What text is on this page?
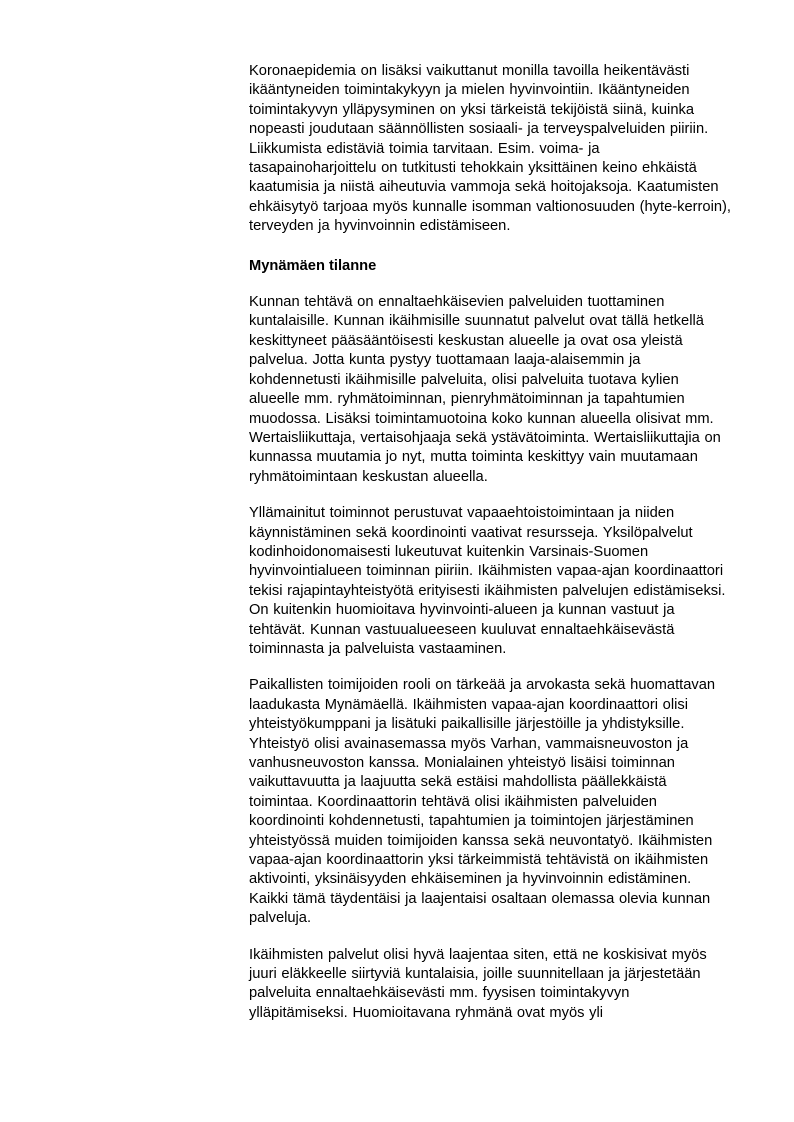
Koronaepidemia on lisäksi vaikuttanut monilla tavoilla heikentävästi ikääntyneiden toimintakykyyn ja mielen hyvinvointiin. Ikääntyneiden toimintakyvyn ylläpysyminen on yksi tärkeistä tekijöistä siinä, kuinka nopeasti joudutaan säännöllisten sosiaali- ja terveyspalveluiden piiriin. Liikkumista edistäviä toimia tarvitaan. Esim. voima- ja tasapainoharjoittelu on tutkitusti tehokkain yksittäinen keino ehkäistä kaatumisia ja niistä aiheutuvia vammoja sekä hoitojaksoja. Kaatumisten ehkäisytyö tarjoaa myös kunnalle isomman valtionosuuden (hyte-kerroin), terveyden ja hyvinvoinnin edistämiseen.

Mynämäen tilanne

Kunnan tehtävä on ennaltaehkäisevien palveluiden tuottaminen kuntalaisille. Kunnan ikäihmisille suunnatut palvelut ovat tällä hetkellä keskittyneet pääsääntöisesti keskustan alueelle ja ovat osa yleistä palvelua. Jotta kunta pystyy tuottamaan laaja-alaisemmin ja kohdennetusti ikäihmisille palveluita, olisi palveluita tuotava kylien alueelle mm. ryhmätoiminnan, pienryhmätoiminnan ja tapahtumien muodossa. Lisäksi toimintamuotoina koko kunnan alueella olisivat mm. Wertaisliikuttaja, vertaisohjaaja sekä ystävätoiminta. Wertaisliikuttajia on kunnassa muutamia jo nyt, mutta toiminta keskittyy vain muutamaan ryhmätoimintaan keskustan alueella.

Yllämainitut toiminnot perustuvat vapaaehtoistoimintaan ja niiden käynnistäminen sekä koordinointi vaativat resursseja. Yksilöpalvelut kodinhoidonomaisesti lukeutuvat kuitenkin Varsinais-Suomen hyvinvointialueen toiminnan piiriin. Ikäihmisten vapaa-ajan koordinaattori tekisi rajapintayhteistyötä erityisesti ikäihmisten palvelujen edistämiseksi. On kuitenkin huomioitava hyvinvointi-alueen ja kunnan vastuut ja tehtävät. Kunnan vastuualueeseen kuuluvat ennaltaehkäisevästä toiminnasta ja palveluista vastaaminen.

Paikallisten toimijoiden rooli on tärkeää ja arvokasta sekä huomattavan laadukasta Mynämäellä. Ikäihmisten vapaa-ajan koordinaattori olisi yhteistyökumppani ja lisätuki paikallisille järjestöille ja yhdistyksille. Yhteistyö olisi avainasemassa myös Varhan, vammaisneuvoston ja vanhusneuvoston kanssa. Monialainen yhteistyö lisäisi toiminnan vaikuttavuutta ja laajuutta sekä estäisi mahdollista päällekkäistä toimintaa. Koordinaattorin tehtävä olisi ikäihmisten palveluiden koordinointi kohdennetusti, tapahtumien ja toimintojen järjestäminen yhteistyössä muiden toimijoiden kanssa sekä neuvontatyö. Ikäihmisten vapaa-ajan koordinaattorin yksi tärkeimmistä tehtävistä on ikäihmisten aktivointi, yksinäisyyden ehkäiseminen ja hyvinvoinnin edistäminen. Kaikki tämä täydentäisi ja laajentaisi osaltaan olemassa olevia kunnan palveluja.

Ikäihmisten palvelut olisi hyvä laajentaa siten, että ne koskisivat myös juuri eläkkeelle siirtyviä kuntalaisia, joille suunnitellaan ja järjestetään palveluita ennaltaehkäisevästi mm. fyysisen toimintakyvyn ylläpitämiseksi. Huomioitavana ryhmänä ovat myös yli
